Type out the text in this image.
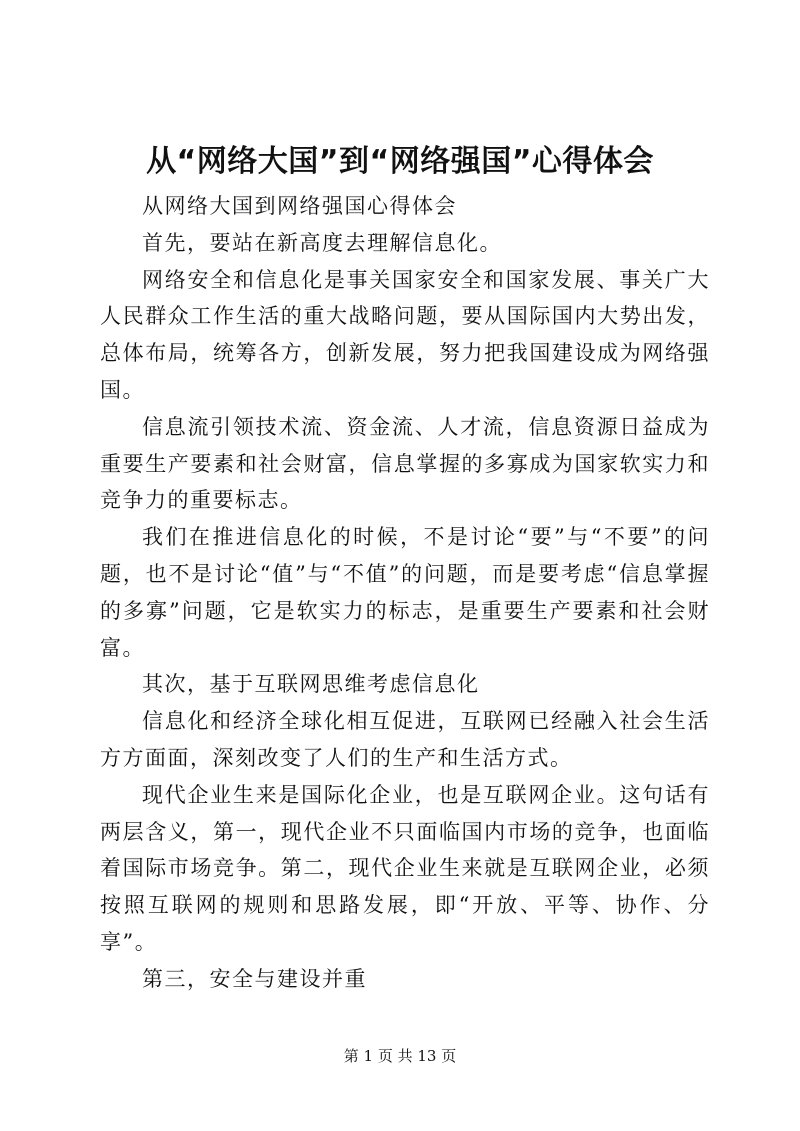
从“网络大国”到“网络强国”心得体会

从网络大国到网络强国心得体会

首先，要站在新高度去理解信息化。

网络安全和信息化是事关国家安全和国家发展、事关广大人民群众工作生活的重大战略问题，要从国际国内大势出发，总体布局，统筹各方，创新发展，努力把我国建设成为网络强国。

信息流引领技术流、资金流、人才流，信息资源日益成为重要生产要素和社会财富，信息掌握的多寡成为国家软实力和竞争力的重要标志。

我们在推进信息化的时候，不是讨论“要”与“不要”的问题，也不是讨论“值”与“不值”的问题，而是要考虑“信息掌握的多寡”问题，它是软实力的标志，是重要生产要素和社会财富。

其次，基于互联网思维考虑信息化

信息化和经济全球化相互促进，互联网已经融入社会生活方方面面，深刻改变了人们的生产和生活方式。

现代企业生来是国际化企业，也是互联网企业。这句话有两层含义，第一，现代企业不只面临国内市场的竞争，也面临着国际市场竞争。第二，现代企业生来就是互联网企业，必须按照互联网的规则和思路发展，即“开放、平等、协作、分享”。

第三，安全与建设并重

第 1 页 共 13 页
